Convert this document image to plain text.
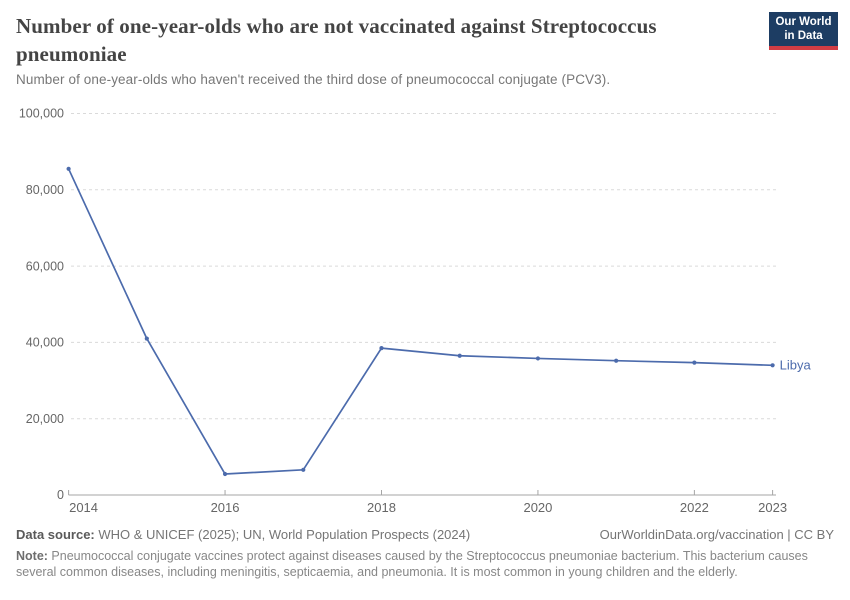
Number of one-year-olds who are not vaccinated against Streptococcus pneumoniae
Our World
in Data

Number of one-year-olds who haven't received the third dose of pneumococcal conjugate (PCV3).

0
20,000
40,000
60,000
80,000
100,000
2014	2016	2018	2020	2022	2023
Libya
Data source: WHO & UNICEF (2025); UN, World Population Prospects (2024)	OurWorldinData.org/vaccination | CC BY
Note: Pneumococcal conjugate vaccines protect against diseases caused by the Streptococcus pneumoniae bacterium. This bacterium causes several common diseases, including meningitis, septicaemia, and pneumonia. It is most common in young children and the elderly.
